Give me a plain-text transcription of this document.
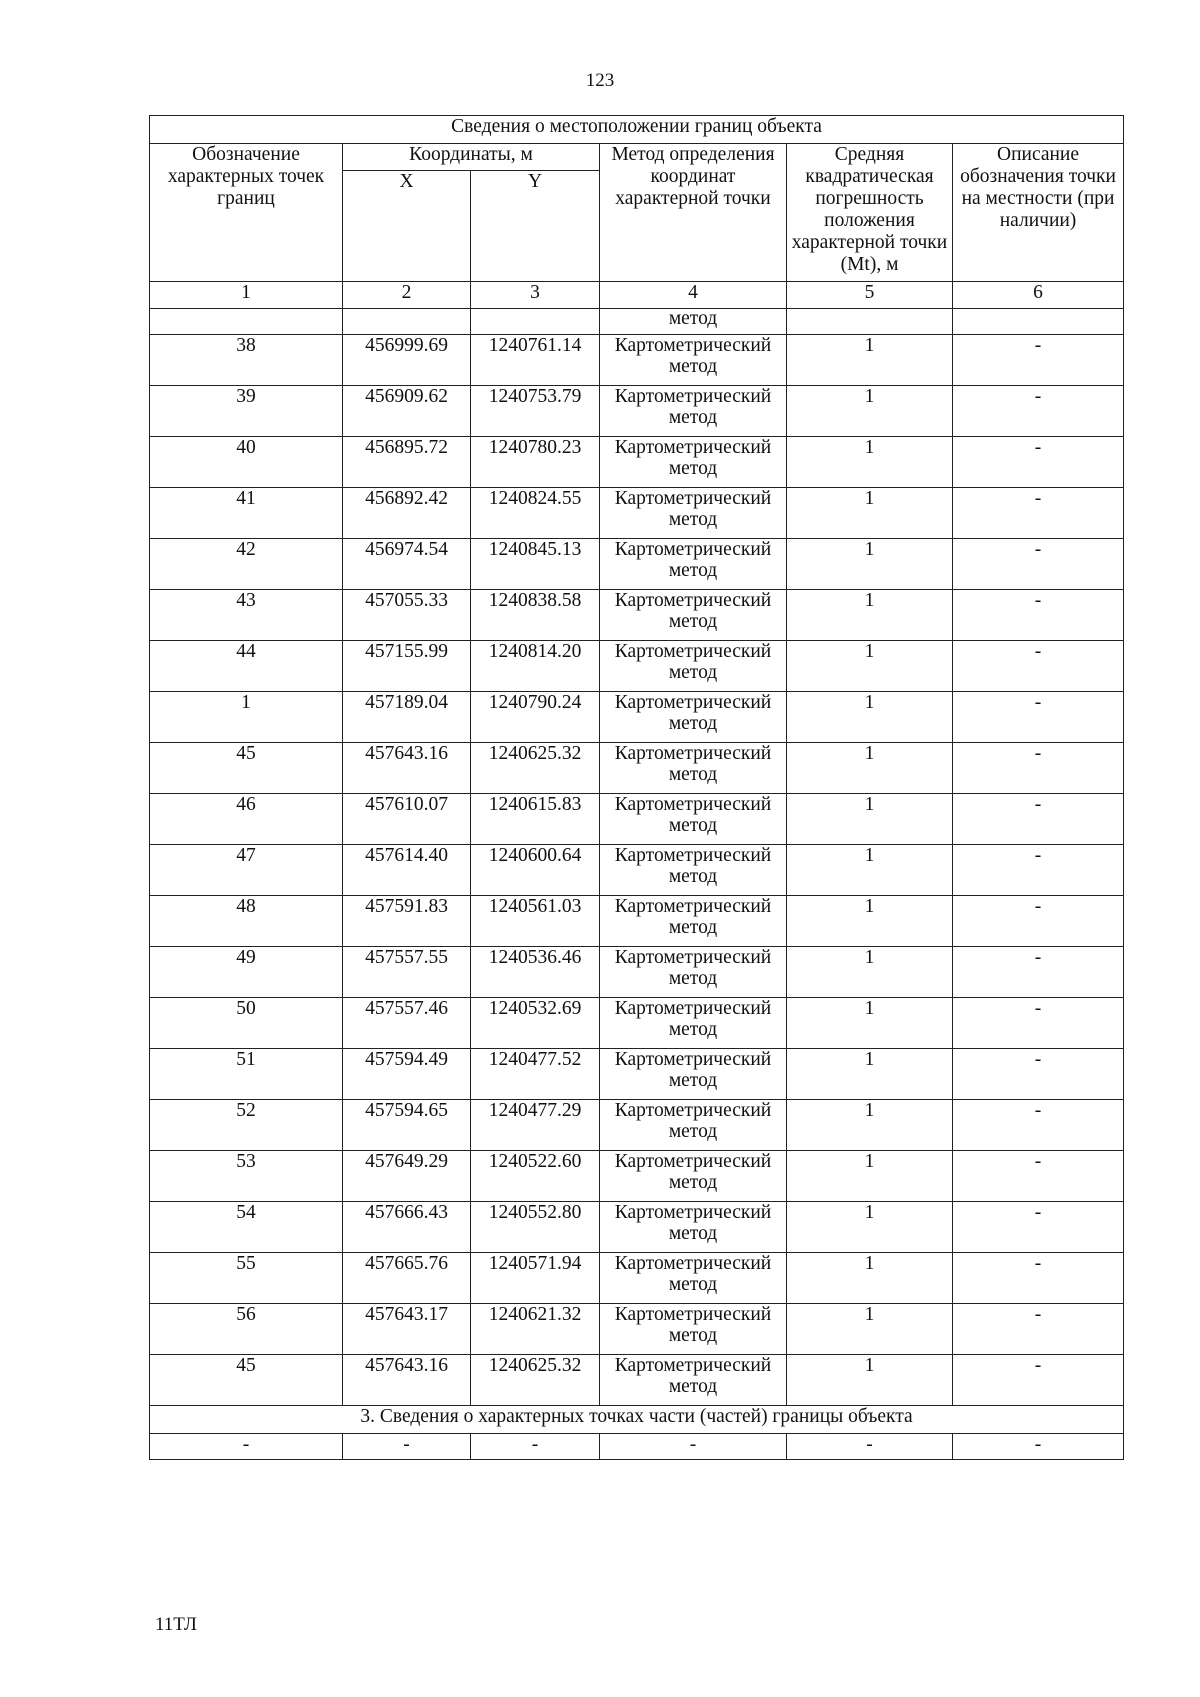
123
Сведения о местоположении границ объекта					
Обозначение характерных точек границ	Координаты, м		Метод определения координат характерной точки	Средняя квадратическая погрешность положения характерной точки (Mt), м	Описание обозначения точки на местности (при наличии)
	X	Y			
1	2	3	4	5	6
			метод		
38	456999.69	1240761.14	Картометрический метод	1	-
39	456909.62	1240753.79	Картометрический метод	1	-
40	456895.72	1240780.23	Картометрический метод	1	-
41	456892.42	1240824.55	Картометрический метод	1	-
42	456974.54	1240845.13	Картометрический метод	1	-
43	457055.33	1240838.58	Картометрический метод	1	-
44	457155.99	1240814.20	Картометрический метод	1	-
1	457189.04	1240790.24	Картометрический метод	1	-
45	457643.16	1240625.32	Картометрический метод	1	-
46	457610.07	1240615.83	Картометрический метод	1	-
47	457614.40	1240600.64	Картометрический метод	1	-
48	457591.83	1240561.03	Картометрический метод	1	-
49	457557.55	1240536.46	Картометрический метод	1	-
50	457557.46	1240532.69	Картометрический метод	1	-
51	457594.49	1240477.52	Картометрический метод	1	-
52	457594.65	1240477.29	Картометрический метод	1	-
53	457649.29	1240522.60	Картометрический метод	1	-
54	457666.43	1240552.80	Картометрический метод	1	-
55	457665.76	1240571.94	Картометрический метод	1	-
56	457643.17	1240621.32	Картометрический метод	1	-
45	457643.16	1240625.32	Картометрический метод	1	-
3. Сведения о характерных точках части (частей) границы объекта					
-	-	-	-	-	-
11ТЛ
